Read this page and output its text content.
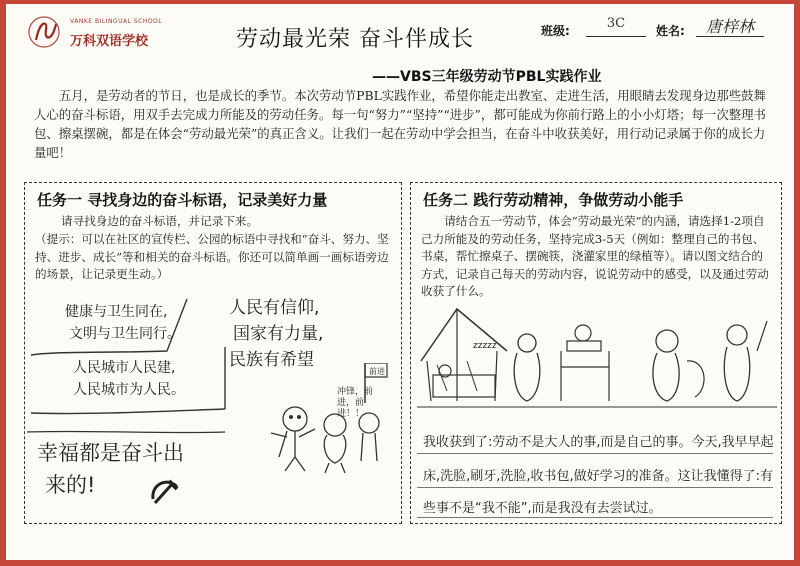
VANKE BILINGUAL SCHOOL
万科双语学校	劳动最光荣 奋斗伴成长	班级:	3C	姓名:	唐梓林
——VBS三年级劳动节PBL实践作业
五月，是劳动者的节日，也是成长的季节。本次劳动节PBL实践作业，希望你能走出教室、走进生活，用眼睛去发现身边那些鼓舞人心的奋斗标语，用双手去完成力所能及的劳动任务。每一句“努力”“坚持”“进步”，都可能成为你前行路上的小小灯塔；每一次整理书包、擦桌摆碗，都是在体会“劳动最光荣”的真正含义。让我们一起在劳动中学会担当，在奋斗中收获美好，用行动记录属于你的成长力量吧！
任务一 寻找身边的奋斗标语，记录美好力量
请寻找身边的奋斗标语，并记录下来。
（提示：可以在社区的宣传栏、公园的标语中寻找和“奋斗、努力、坚持、进步、成长”等和相关的奋斗标语。你还可以简单画一画标语旁边的场景，让记录更生动。）
健康与卫生同在,
文明与卫生同行。
人民城市人民建,
人民城市为人民。
人民有信仰,
国家有力量,
民族有希望
前进
冲锋，前进，前进！！
幸福都是奋斗出
来的!
任务二 践行劳动精神，争做劳动小能手
请结合五一劳动节，体会“劳动最光荣”的内涵，请选择1-2项自己力所能及的劳动任务，坚持完成3-5天（例如：整理自己的书包、书桌，帮忙擦桌子、摆碗筷，浇灌家里的绿植等）。请以图文结合的方式，记录自己每天的劳动内容，说说劳动中的感受，以及通过劳动收获了什么。
zzzzz
我收获到了:劳动不是大人的事,而是自己的事。今天,我早早起
床,洗脸,刷牙,洗脸,收书包,做好学习的准备。这让我懂得了:有
些事不是“我不能”,而是我没有去尝试过。
